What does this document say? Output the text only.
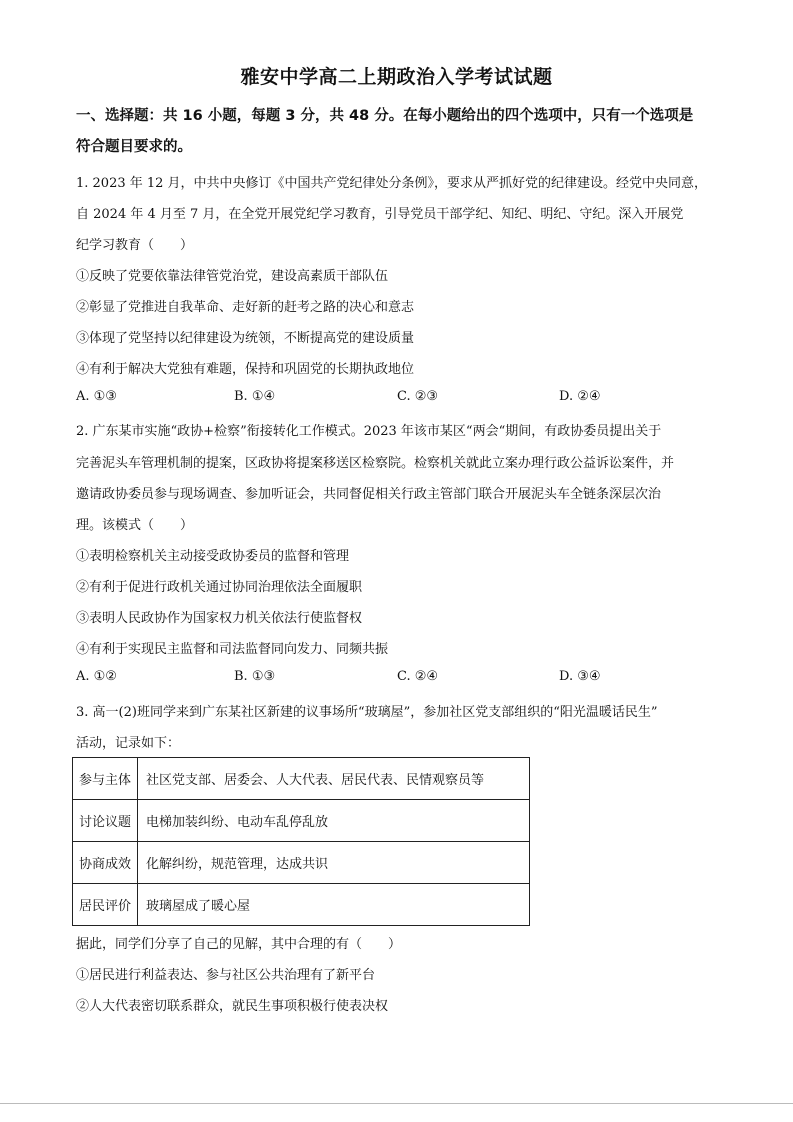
雅安中学高二上期政治入学考试试题
一、选择题：共 16 小题，每题 3 分，共 48 分。在每小题给出的四个选项中，只有一个选项是
符合题目要求的。
1. 2023 年 12 月，中共中央修订《中国共产党纪律处分条例》，要求从严抓好党的纪律建设。经党中央同意，
自 2024 年 4 月至 7 月，在全党开展党纪学习教育，引导党员干部学纪、知纪、明纪、守纪。深入开展党
纪学习教育（　　）
①反映了党要依靠法律管党治党，建设高素质干部队伍
②彰显了党推进自我革命、走好新的赶考之路的决心和意志
③体现了党坚持以纪律建设为统领，不断提高党的建设质量
④有利于解决大党独有难题，保持和巩固党的长期执政地位
A. ①③	B. ①④	C. ②③	D. ②④
2. 广东某市实施“政协+检察”衔接转化工作模式。2023 年该市某区“两会“期间，有政协委员提出关于
完善泥头车管理机制的提案，区政协将提案移送区检察院。检察机关就此立案办理行政公益诉讼案件，并
邀请政协委员参与现场调查、参加听证会，共同督促相关行政主管部门联合开展泥头车全链条深层次治
理。该模式（　　）
①表明检察机关主动接受政协委员的监督和管理
②有利于促进行政机关通过协同治理依法全面履职
③表明人民政协作为国家权力机关依法行使监督权
④有利于实现民主监督和司法监督同向发力、同频共振
A. ①②	B. ①③	C. ②④	D. ③④
3. 高一(2)班同学来到广东某社区新建的议事场所“玻璃屋”，参加社区党支部组织的“阳光温暖话民生”
活动，记录如下：
参与主体	社区党支部、居委会、人大代表、居民代表、民情观察员等
讨论议题	电梯加装纠纷、电动车乱停乱放
协商成效	化解纠纷，规范管理，达成共识
居民评价	玻璃屋成了暖心屋
据此，同学们分享了自己的见解，其中合理的有（　　）
①居民进行利益表达、参与社区公共治理有了新平台
②人大代表密切联系群众，就民生事项积极行使表决权
